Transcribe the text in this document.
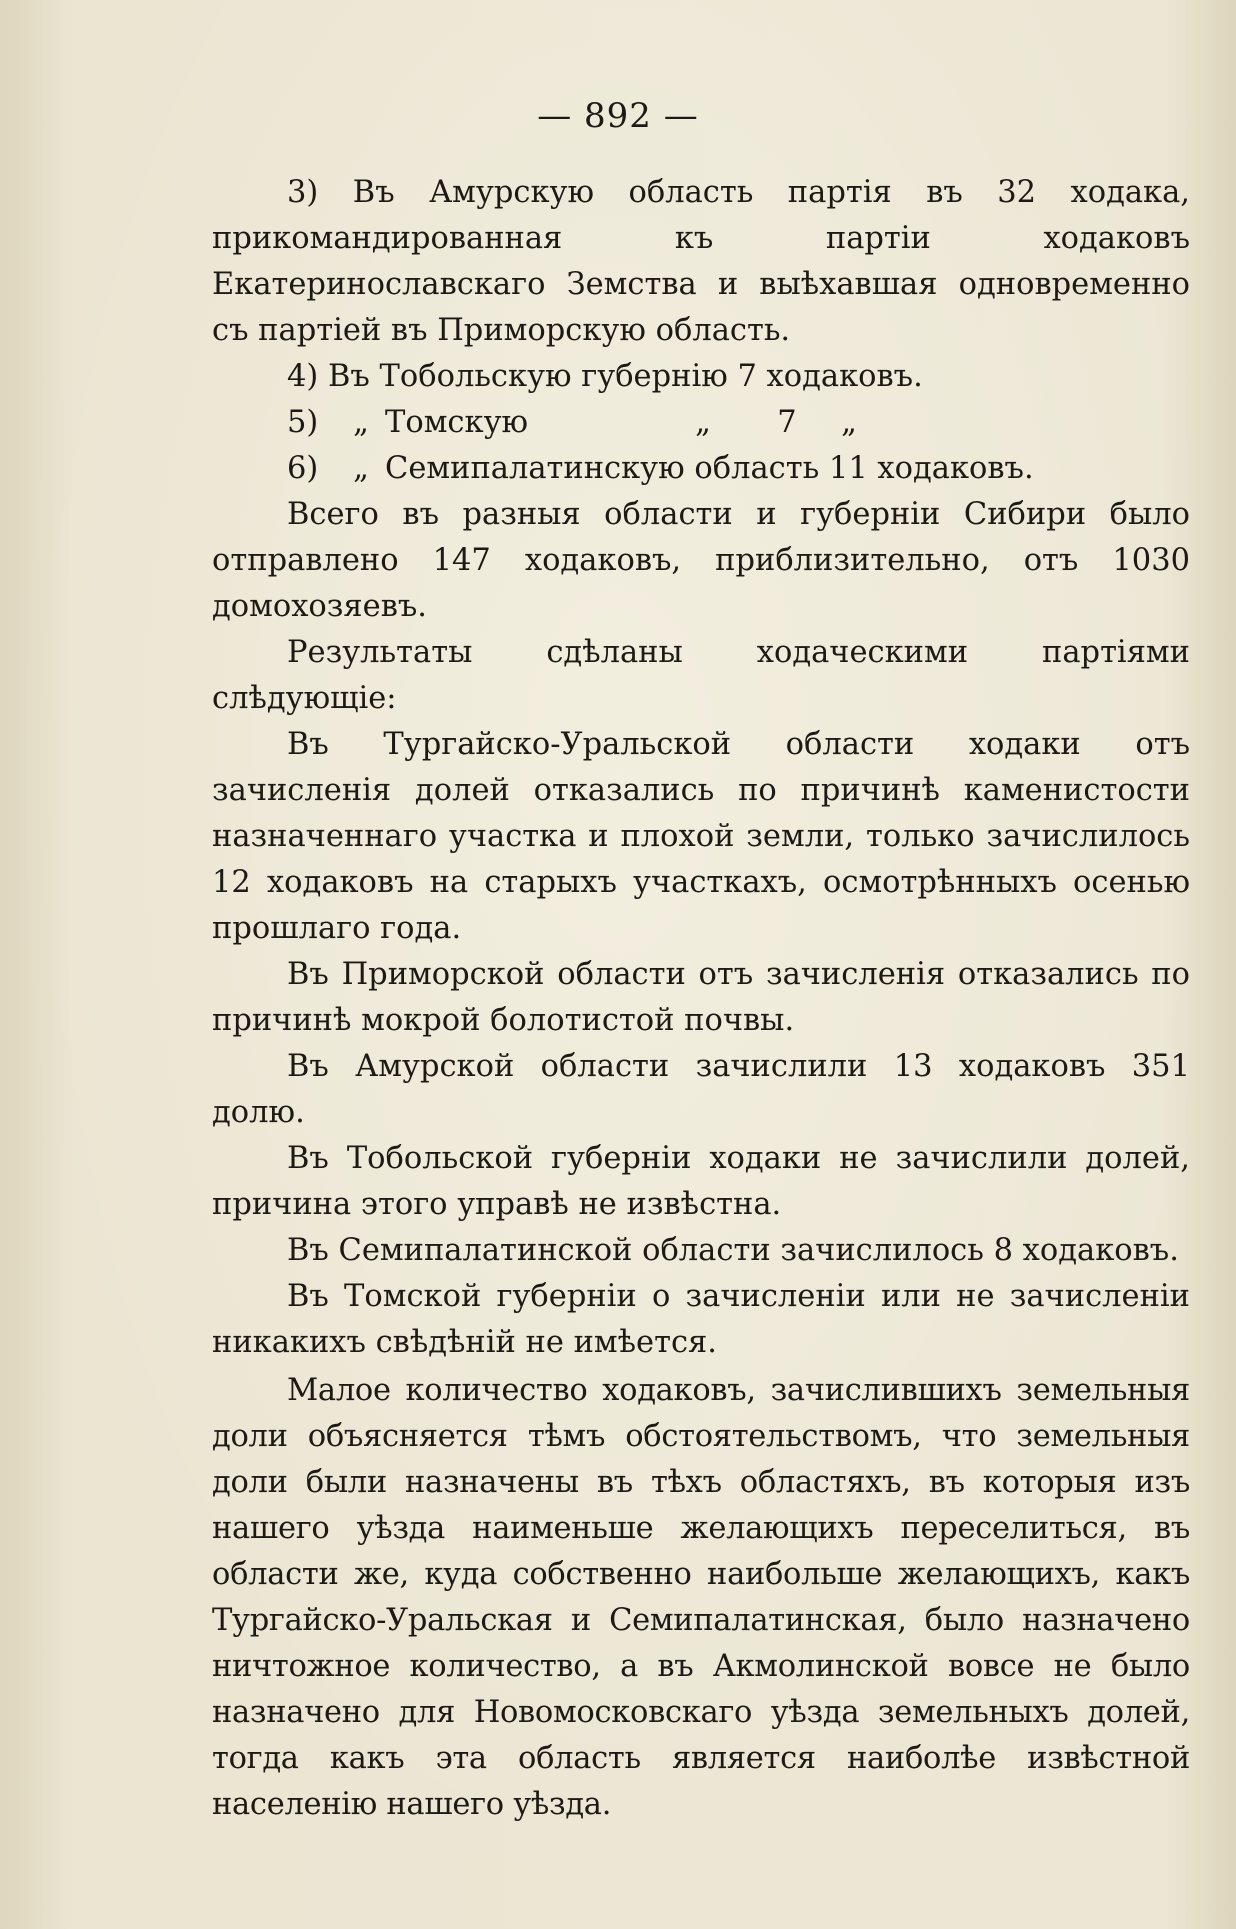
— 892 —

3) Въ Амурскую область партія въ 32 ходака, прикомандированная къ партіи ходаковъ Екатеринославскаго Земства и выѣхавшая одновременно съ партіей въ Приморскую область.

4) Въ Тобольскую губернію 7 ходаковъ.

5)	„ Томскую	„	7	„
6)	„ Семипалатинскую область 11 ходаковъ.

Всего въ разныя области и губерніи Сибири было отправлено 147 ходаковъ, приблизительно, отъ 1030 домохозяевъ.

Результаты сдѣланы ходаческими партіями слѣдующіе:

Въ Тургайско-Уральской области ходаки отъ зачисленія долей отказались по причинѣ каменистости назначеннаго участка и плохой земли, только зачислилось 12 ходаковъ на старыхъ участкахъ, осмотрѣнныхъ осенью прошлаго года.

Въ Приморской области отъ зачисленія отказались по причинѣ мокрой болотистой почвы.

Въ Амурской области зачислили 13 ходаковъ 351 долю.

Въ Тобольской губерніи ходаки не зачислили долей, причина этого управѣ не извѣстна.

Въ Семипалатинской области зачислилось 8 ходаковъ.

Въ Томской губерніи о зачисленіи или не зачисленіи никакихъ свѣдѣній не имѣется.

Малое количество ходаковъ, зачислившихъ земельныя доли объясняется тѣмъ обстоятельствомъ, что земельныя доли были назначены въ тѣхъ областяхъ, въ которыя изъ нашего уѣзда наименьше желающихъ переселиться, въ области же, куда собственно наибольше желающихъ, какъ Тургайско-Уральская и Семипалатинская, было назначено ничтожное количество, а въ Акмолинской вовсе не было назначено для Новомосковскаго уѣзда земельныхъ долей, тогда какъ эта область является наиболѣе извѣстной населенію нашего уѣзда.
